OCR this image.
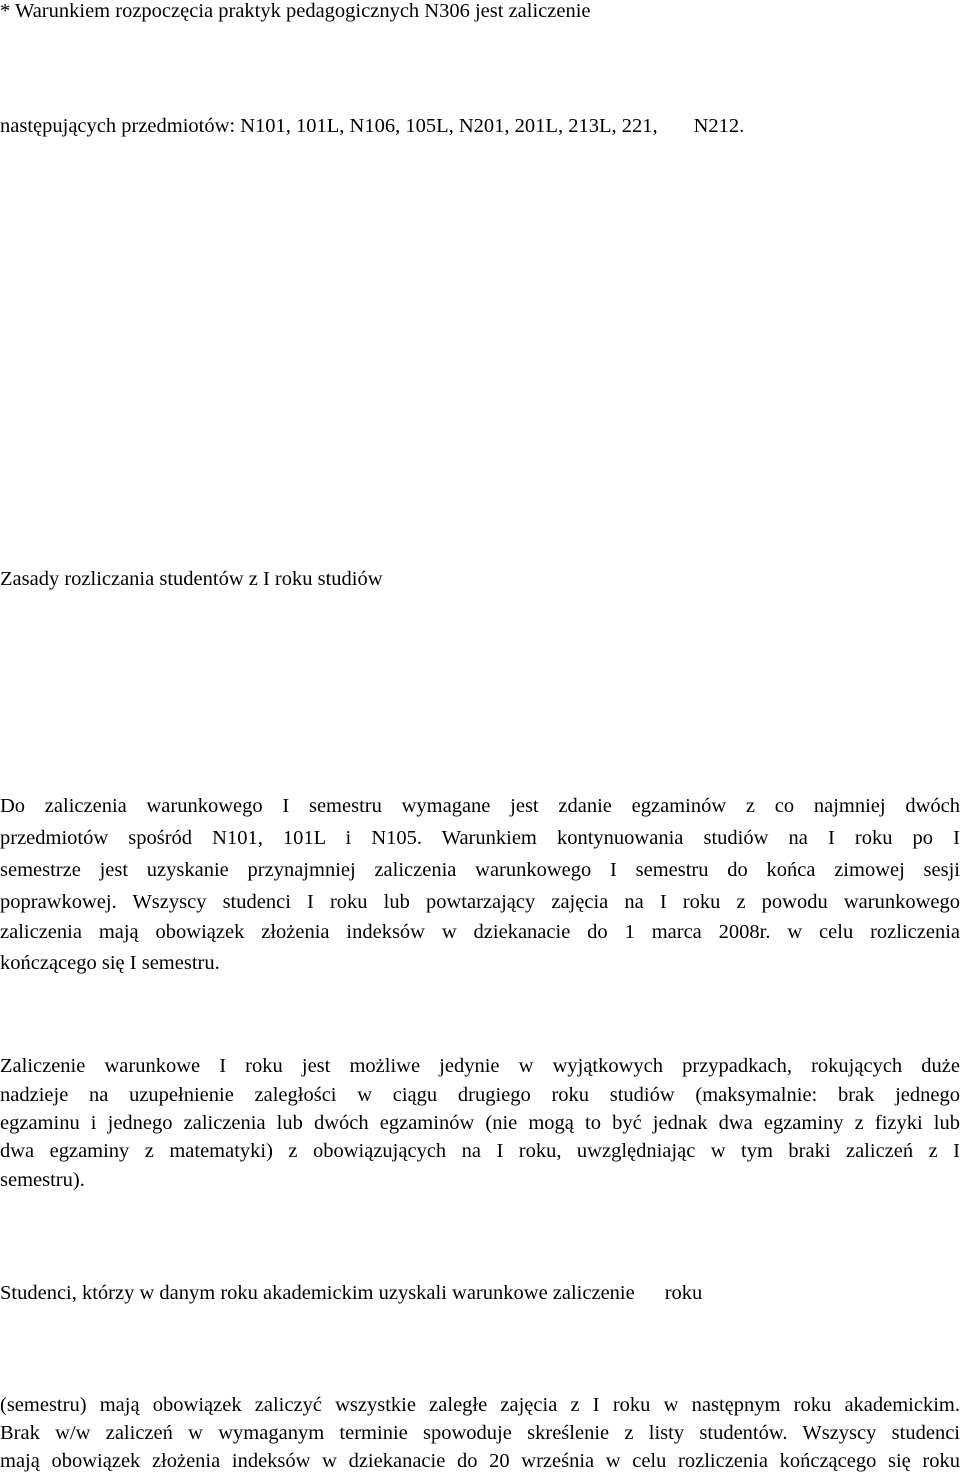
* Warunkiem rozpoczęcia praktyk pedagogicznych N306 jest zaliczenie
następujących przedmiotów: N101, 101L, N106, 105L, N201, 201L, 213L, 221, N212.
Zasady rozliczania studentów z I roku studiów
Do zaliczenia warunkowego I semestru wymagane jest zdanie egzaminów z co najmniej dwóch
przedmiotów spośród N101, 101L i N105. Warunkiem kontynuowania studiów na I roku po I
semestrze jest uzyskanie przynajmniej zaliczenia warunkowego I semestru do końca zimowej sesji
poprawkowej. Wszyscy studenci I roku lub powtarzający zajęcia na I roku z powodu warunkowego
zaliczenia mają obowiązek złożenia indeksów w dziekanacie do 1 marca 2008r. w celu rozliczenia
kończącego się I semestru.
Zaliczenie warunkowe I roku jest możliwe jedynie w wyjątkowych przypadkach, rokujących duże
nadzieje na uzupełnienie zaległości w ciągu drugiego roku studiów (maksymalnie: brak jednego
egzaminu i jednego zaliczenia lub dwóch egzaminów (nie mogą to być jednak dwa egzaminy z fizyki lub
dwa egzaminy z matematyki) z obowiązujących na I roku, uwzględniając w tym braki zaliczeń z I
semestru).
Studenci, którzy w danym roku akademickim uzyskali warunkowe zaliczenie roku
(semestru) mają obowiązek zaliczyć wszystkie zaległe zajęcia z I roku w następnym roku akademickim.
Brak w/w zaliczeń w wymaganym terminie spowoduje skreślenie z listy studentów. Wszyscy studenci
mają obowiązek złożenia indeksów w dziekanacie do 20 września w celu rozliczenia kończącego się roku
